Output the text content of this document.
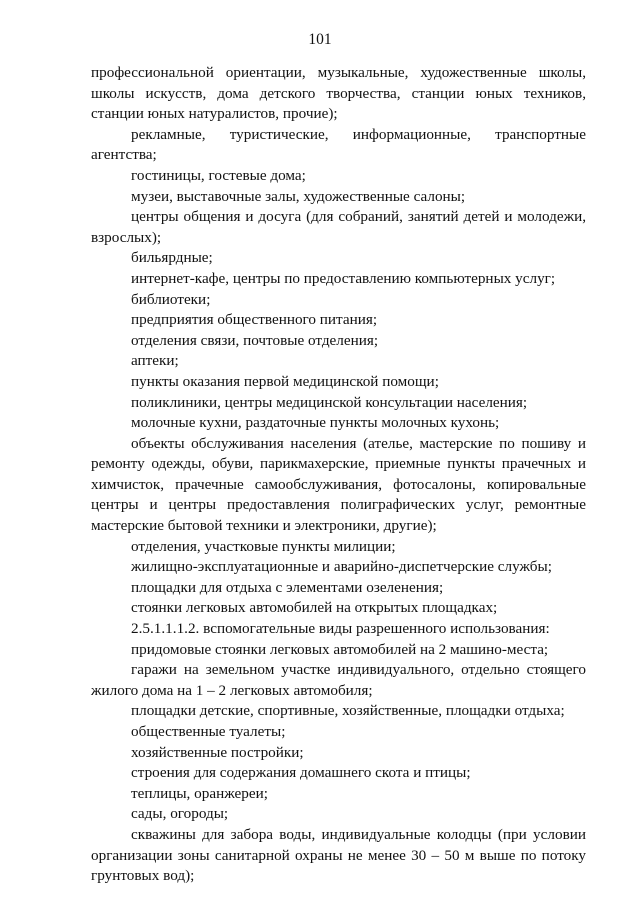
101

профессиональной ориентации, музыкальные, художественные школы, школы искусств, дома детского творчества, станции юных техников, станции юных натуралистов, прочие);

рекламные, туристические, информационные, транспортные агентства;

гостиницы, гостевые дома;

музеи, выставочные залы, художественные салоны;

центры общения и досуга (для собраний, занятий детей и молодежи, взрослых);

бильярдные;

интернет-кафе, центры по предоставлению компьютерных услуг;

библиотеки;

предприятия общественного питания;

отделения связи, почтовые отделения;

аптеки;

пункты оказания первой медицинской помощи;

поликлиники, центры медицинской консультации населения;

молочные кухни, раздаточные пункты молочных кухонь;

объекты обслуживания населения (ателье, мастерские по пошиву и ремонту одежды, обуви, парикмахерские, приемные пункты прачечных и химчисток, прачечные самообслуживания, фотосалоны, копировальные центры и центры предоставления полиграфических услуг, ремонтные мастерские бытовой техники и электроники, другие);

отделения, участковые пункты милиции;

жилищно-эксплуатационные и аварийно-диспетчерские службы;

площадки для отдыха с элементами озеленения;

стоянки легковых автомобилей на открытых площадках;

2.5.1.1.1.2. вспомогательные виды разрешенного использования:

придомовые стоянки легковых автомобилей на 2 машино-места;

гаражи на земельном участке индивидуального, отдельно стоящего жилого дома на 1 – 2 легковых автомобиля;

площадки детские, спортивные, хозяйственные, площадки отдыха;

общественные туалеты;

хозяйственные постройки;

строения для содержания домашнего скота и птицы;

теплицы, оранжереи;

сады, огороды;

скважины для забора воды, индивидуальные колодцы (при условии организации зоны санитарной охраны не менее 30 – 50 м выше по потоку грунтовых вод);
